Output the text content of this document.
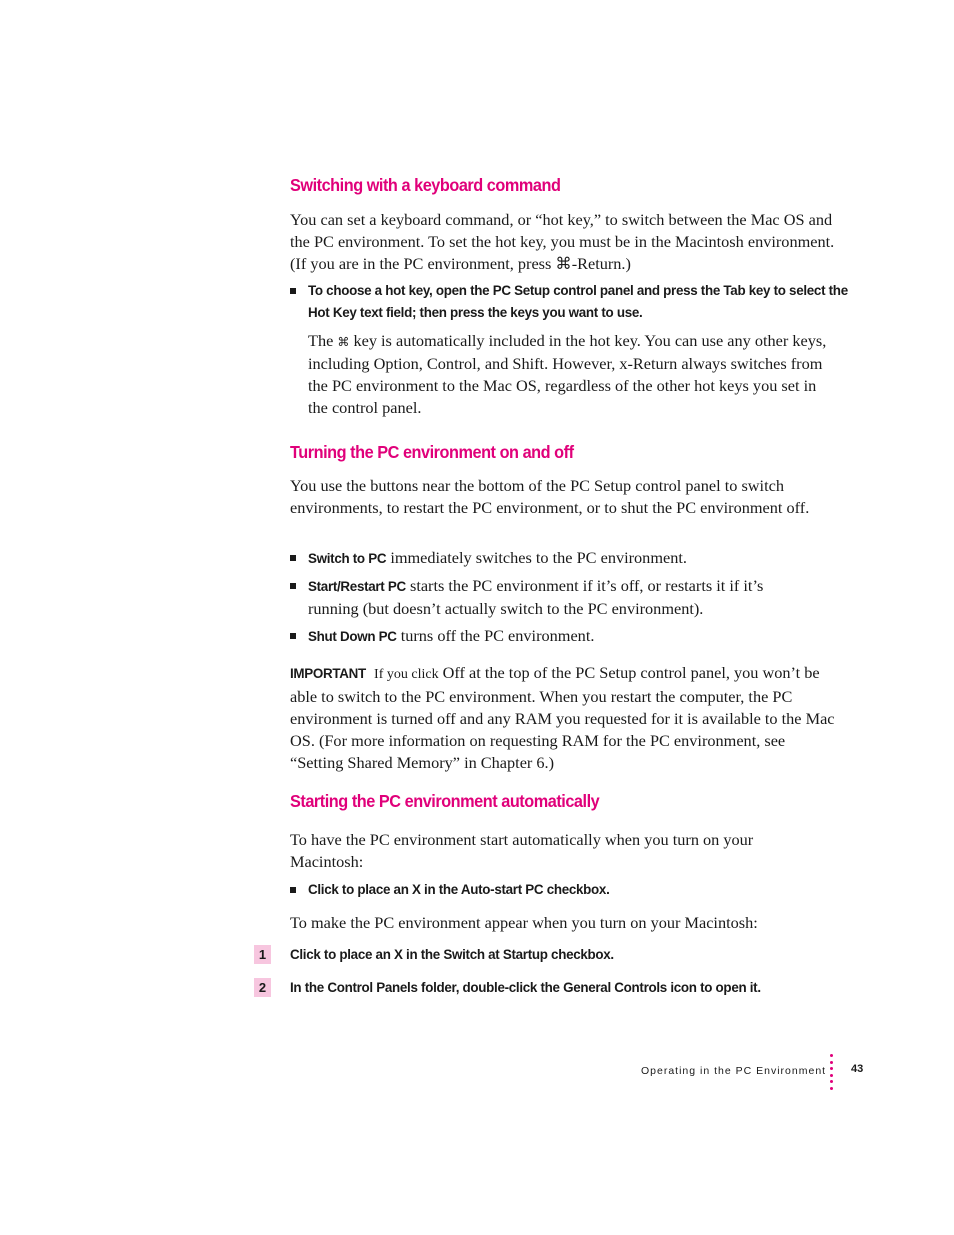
Switching with a keyboard command

You can set a keyboard command, or “hot key,” to switch between the Mac OS and the PC environment. To set the hot key, you must be in the Macintosh environment. (If you are in the PC environment, press ⌘-Return.)

To choose a hot key, open the PC Setup control panel and press the Tab key to select the Hot Key text field; then press the keys you want to use.

The ⌘ key is automatically included in the hot key. You can use any other keys, including Option, Control, and Shift. However, x-Return always switches from the PC environment to the Mac OS, regardless of the other hot keys you set in the control panel.

Turning the PC environment on and off

You use the buttons near the bottom of the PC Setup control panel to switch environments, to restart the PC environment, or to shut the PC environment off.

Switch to PC immediately switches to the PC environment.
Start/Restart PC starts the PC environment if it’s off, or restarts it if it’s running (but doesn’t actually switch to the PC environment).
Shut Down PC turns off the PC environment.

IMPORTANT If you click Off at the top of the PC Setup control panel, you won’t be able to switch to the PC environment. When you restart the computer, the PC environment is turned off and any RAM you requested for it is available to the Mac OS. (For more information on requesting RAM for the PC environment, see “Setting Shared Memory” in Chapter 6.)

Starting the PC environment automatically

To have the PC environment start automatically when you turn on your Macintosh:

Click to place an X in the Auto-start PC checkbox.

To make the PC environment appear when you turn on your Macintosh:

1	Click to place an X in the Switch at Startup checkbox.
2	In the Control Panels folder, double-click the General Controls icon to open it.
Operating in the PC Environment 43
